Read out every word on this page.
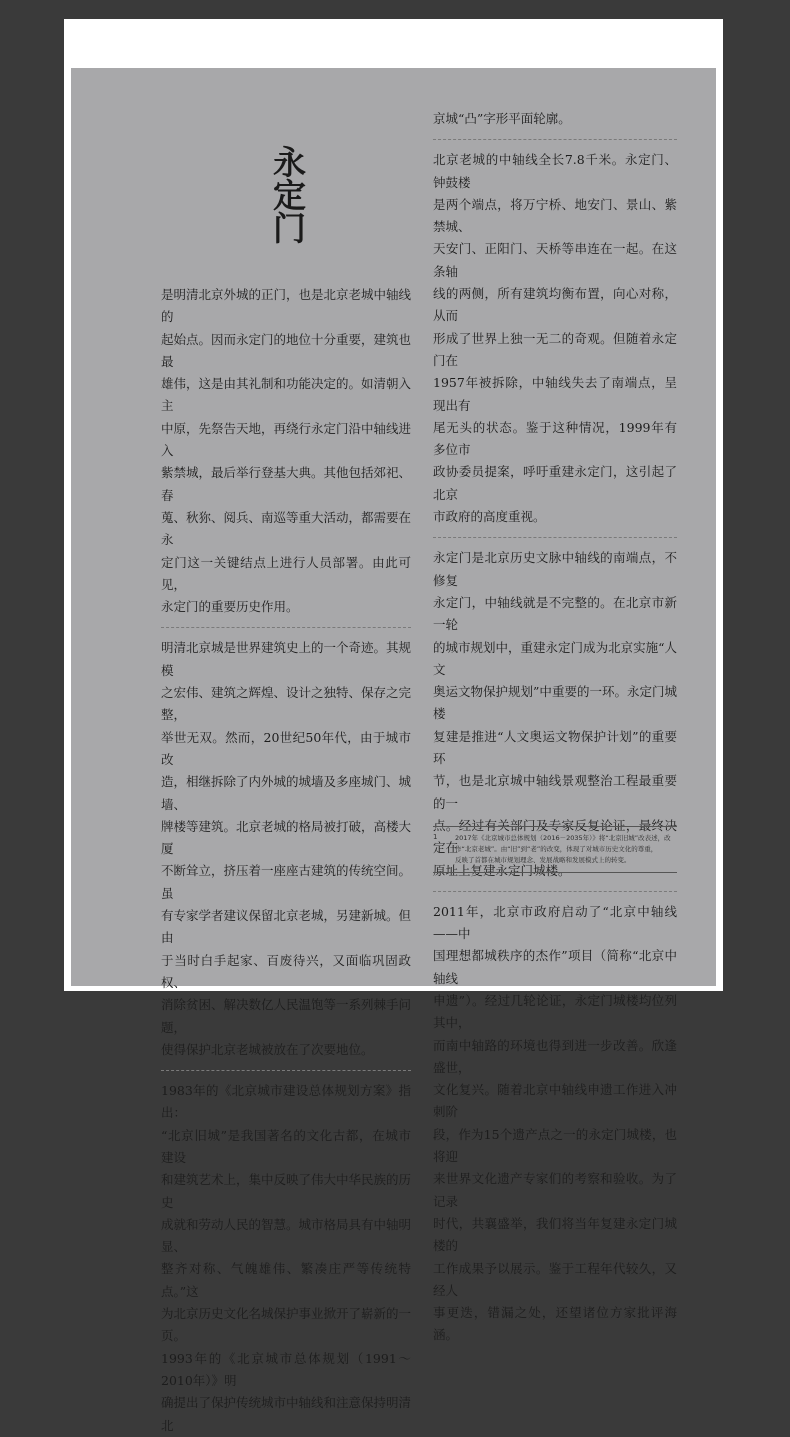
永定门

是明清北京外城的正门，也是北京老城中轴线的
起始点。因而永定门的地位十分重要，建筑也最
雄伟，这是由其礼制和功能决定的。如清朝入主
中原，先祭告天地，再绕行永定门沿中轴线进入
紫禁城，最后举行登基大典。其他包括郊祀、春
蒐、秋狝、阅兵、南巡等重大活动，都需要在永
定门这一关键结点上进行人员部署。由此可见，
永定门的重要历史作用。

明清北京城是世界建筑史上的一个奇迹。其规模
之宏伟、建筑之辉煌、设计之独特、保存之完整，
举世无双。然而，20世纪50年代，由于城市改
造，相继拆除了内外城的城墙及多座城门、城墙、
牌楼等建筑。北京老城的格局被打破，高楼大厦
不断耸立，挤压着一座座古建筑的传统空间。虽
有专家学者建议保留北京老城，另建新城。但由
于当时白手起家、百废待兴，又面临巩固政权、
消除贫困、解决数亿人民温饱等一系列棘手问题，
使得保护北京老城被放在了次要地位。

1983年的《北京城市建设总体规划方案》指出：
“北京旧城”是我国著名的文化古都，在城市建设
和建筑艺术上，集中反映了伟大中华民族的历史
成就和劳动人民的智慧。城市格局具有中轴明显、
整齐对称、气魄雄伟、繁凑庄严等传统特点。”这
为北京历史文化名城保护事业掀开了崭新的一页。
1993年的《北京城市总体规划（1991～2010年）》明
确提出了保护传统城市中轴线和注意保持明清北

京城“凸”字形平面轮廓。

北京老城的中轴线全长7.8千米。永定门、钟鼓楼
是两个端点，将万宁桥、地安门、景山、紫禁城、
天安门、正阳门、天桥等串连在一起。在这条轴
线的两侧，所有建筑均衡布置，向心对称，从而
形成了世界上独一无二的奇观。但随着永定门在
1957年被拆除，中轴线失去了南端点，呈现出有
尾无头的状态。鉴于这种情况，1999年有多位市
政协委员提案，呼吁重建永定门，这引起了北京
市政府的高度重视。

永定门是北京历史文脉中轴线的南端点，不修复
永定门，中轴线就是不完整的。在北京市新一轮
的城市规划中，重建永定门成为北京实施“人文
奥运文物保护规划”中重要的一环。永定门城楼
复建是推进“人文奥运文物保护计划”的重要环
节，也是北京城中轴线景观整治工程最重要的一
点。经过有关部门及专家反复论证，最终决定在
原址上复建永定门城楼。

2011年，北京市政府启动了“北京中轴线——中
国理想都城秩序的杰作”项目（简称“北京中轴线
申遗”）。经过几轮论证，永定门城楼均位列其中，
而南中轴路的环境也得到进一步改善。欣逢盛世，
文化复兴。随着北京中轴线申遗工作进入冲刺阶
段，作为15个遗产点之一的永定门城楼，也将迎
来世界文化遗产专家们的考察和验收。为了记录
时代，共襄盛举，我们将当年复建永定门城楼的
工作成果予以展示。鉴于工程年代较久，又经人
事更迭，错漏之处，还望诸位方家批评海涵。

1	2017年《北京城市总体规划（2016－2035年）》将“北京旧城”改表述，改
作“北京老城”。由“旧”到“老”的改变，体现了对城市历史文化的尊重，
反映了首都在城市规划理念、发展战略和发展模式上的转变。
